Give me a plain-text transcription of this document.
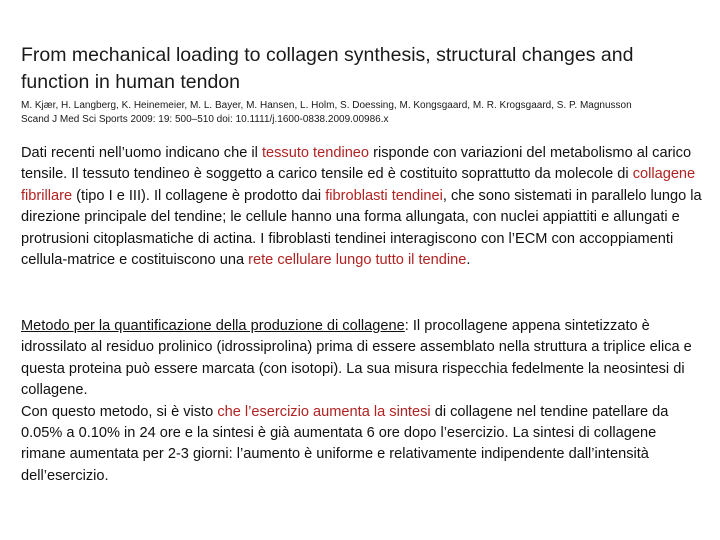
From mechanical loading to collagen synthesis, structural changes and function in human tendon
M. Kjær, H. Langberg, K. Heinemeier, M. L. Bayer, M. Hansen, L. Holm, S. Doessing, M. Kongsgaard, M. R. Krogsgaard, S. P. Magnusson
Scand J Med Sci Sports 2009: 19: 500–510 doi: 10.1111/j.1600-0838.2009.00986.x
Dati recenti nell’uomo indicano che il tessuto tendineo risponde con variazioni del metabolismo al carico tensile. Il tessuto tendineo è soggetto a carico tensile ed è costituito soprattutto da molecole di collagene fibrillare (tipo I e III). Il collagene è prodotto dai fibroblasti tendinei, che sono sistemati in parallelo lungo la direzione principale del tendine; le cellule hanno una forma allungata, con nuclei appiattiti e allungati e protrusioni citoplasmatiche di actina. I fibroblasti tendinei interagiscono con l’ECM con accoppiamenti cellula-matrice e costituiscono una rete cellulare lungo tutto il tendine.
Metodo per la quantificazione della produzione di collagene: Il procollagene appena sintetizzato è idrossilato al residuo prolinico (idrossiprolina) prima di essere assemblato nella struttura a triplice elica e questa proteina può essere marcata (con isotopi). La sua misura rispecchia fedelmente la neosintesi di collagene.
Con questo metodo, si è visto che l’esercizio aumenta la sintesi di collagene nel tendine patellare da 0.05% a 0.10% in 24 ore e la sintesi è già aumentata 6 ore dopo l’esercizio. La sintesi di collagene rimane aumentata per 2-3 giorni: l’aumento è uniforme e relativamente indipendente dall’intensità dell’esercizio.
